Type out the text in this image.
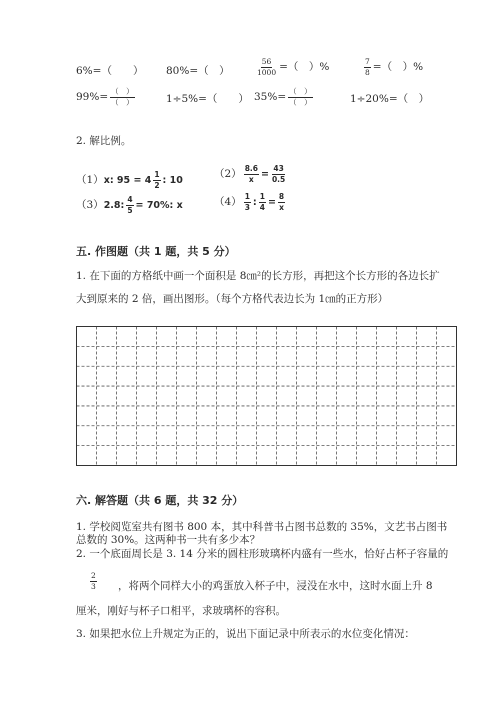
6%=（　　） 80%=（　）	$\frac{56}{1000}$ =（　）%	$\frac{7}{8}$ =（　）%
$99\%= \frac{( )}{( )}$	1÷5%=（　　） $35\%= \frac{( )}{( )}$	1÷20%=（　）
2. 解比例。
（1）x: $95 = 4 \frac{1}{2}$ : 10
$(2) \frac{8.6}{x} = \frac{43}{0.5}$
（3）2.8: $\frac{4}{5} = 70\%$: x	$(4) \frac{1}{3}$ : $\frac{1}{4} = \frac{8}{x}$
五. 作图题（共 1 题，共 5 分）
1. 在下面的方格纸中画一个面积是 8㎝²的长方形，再把这个长方形的各边长扩
大到原来的 2 倍，画出图形。（每个方格代表边长为 1㎝的正方形）
六. 解答题（共 6 题，共 32 分）
1. 学校阅览室共有图书 800 本，其中科普书占图书总数的 35%，文艺书占图书
总数的 30%。这两种书一共有多少本？
2. 一个底面周长是 3. 14 分米的圆柱形玻璃杯内盛有一些水，恰好占杯子容量的
$\frac{2}{3}$ ，将两个同样大小的鸡蛋放入杯子中，浸没在水中，这时水面上升 8
厘米，刚好与杯子口相平，求玻璃杯的容积。
3. 如果把水位上升规定为正的，说出下面记录中所表示的水位变化情况：
